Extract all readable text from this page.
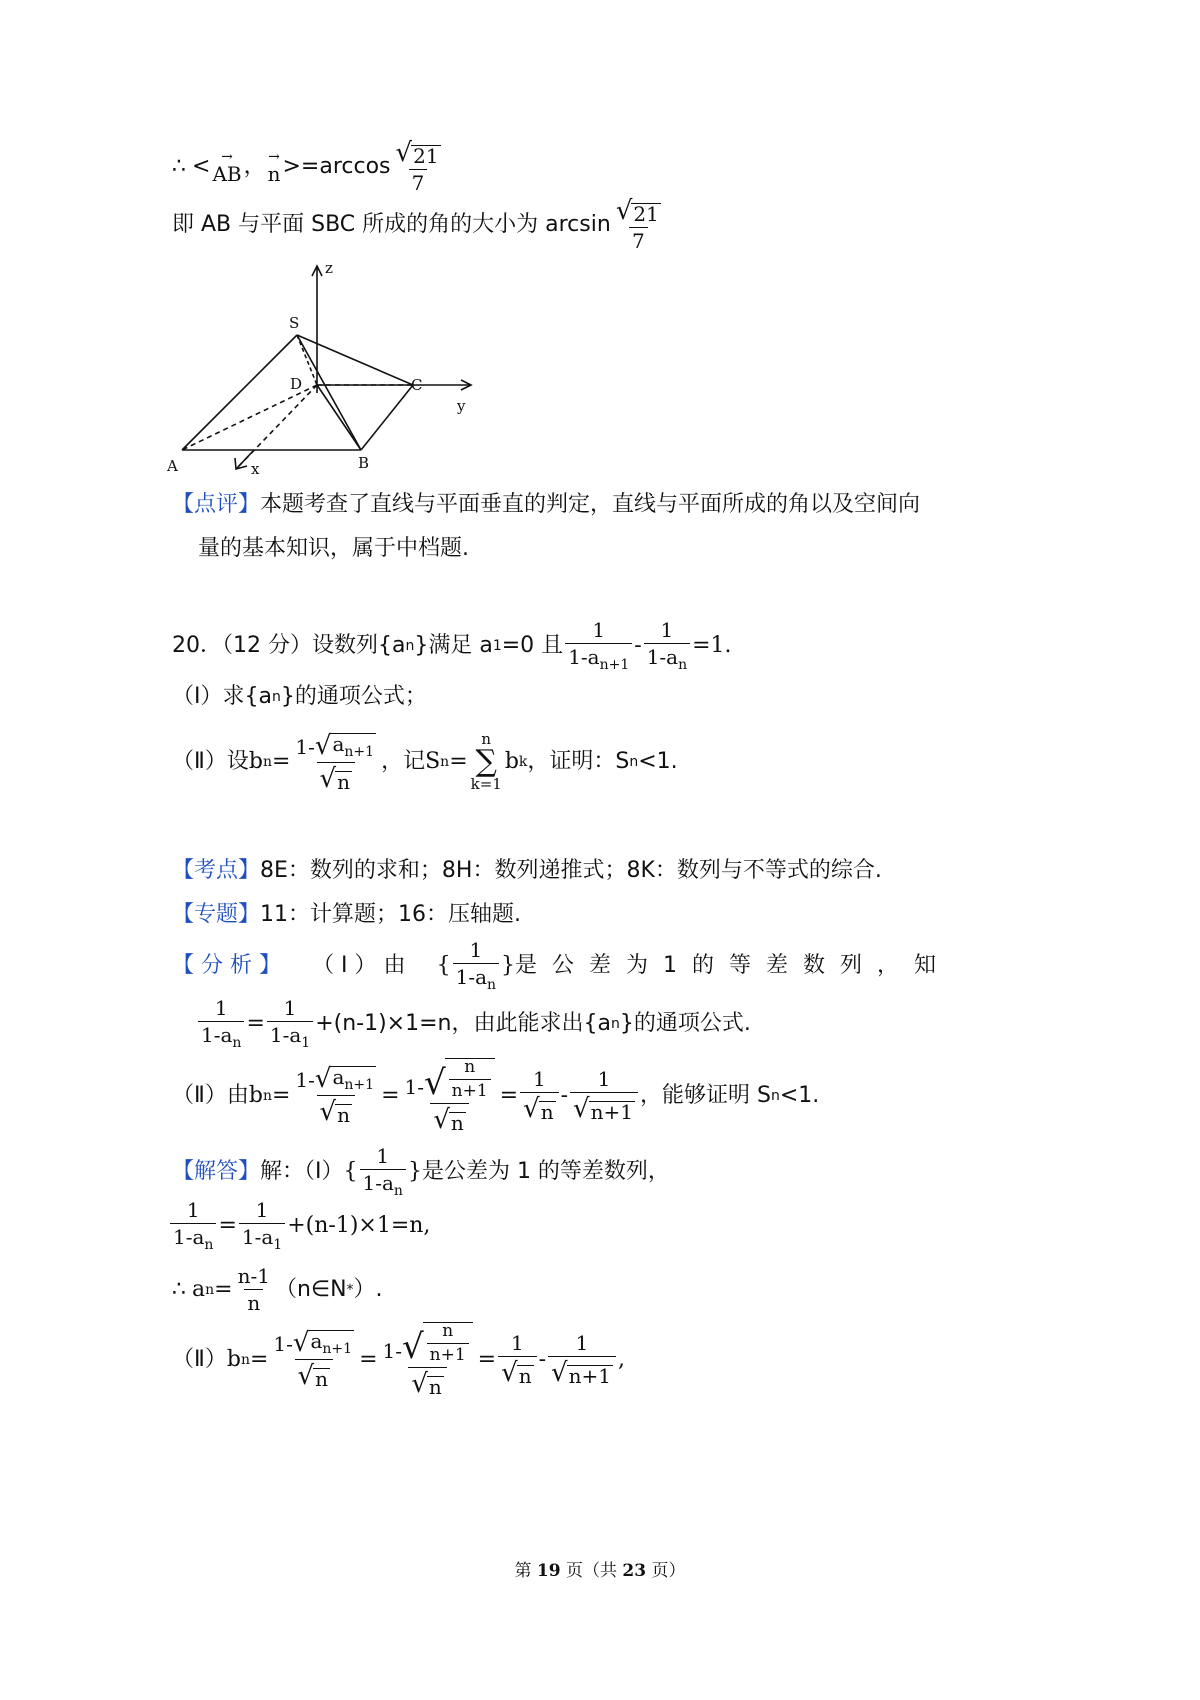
∴ < →
AB ， →
$n >=\arccos \frac{√ 21}{7}$
即 AB 与平面 SBC 所成的角的大小为 $\arcsin \frac{√ 21}{7}$
z
S
D	C
y
A	x	B
【点评】 本题考查了直线与平面垂直的判定，直线与平面所成的角以及空间向
量的基本知识，属于中档题.
20．（12 分）设数列{a n }满足 a 1 =0 且 $\frac{1}{1-a_{n+1}} - \frac{1}{1-a_n} =1$.
（Ⅰ）求{a n }的通项公式；
（Ⅱ）设 b $n = \frac{1- √ a_{n+1}}{√ n}$ ，记 S n =
n
∑
k=1
b k ，证明：S n <1.
【考点】 8E：数列的求和；8H：数列递推式；8K：数列与不等式的综合.
【专题】 11：计算题；16：压轴题.
【 分 析 】 （ Ⅰ ） 由 { $\frac{1}{1-a_n}$ } 是 公 差 为 1 的 等 差 数 列 ， 知
$\frac{1}{1-a_n} = \frac{1}{1-a_1} +(n-1)\times 1=n$，由此能求出{a n }的通项公式.
（Ⅱ）由 b $n = \frac{1- √ a_{n+1}}{√ n} = \frac{1- √ \frac{n}{n+1}}{√ n} = \frac{1}{√ n} - \frac{1}{√ n+1}$ ，能够证明 S n <1.
【解答】 解：（Ⅰ） { $\frac{1}{1-a_n}$ } 是公差为 1 的等差数列，
$\frac{1}{1-a_n} = \frac{1}{1-a_1} +(n-1)\times 1=n$,
∴ a $n = \frac{n-1}{n}$ （n∈N * ）.
（Ⅱ） b $n = \frac{1- √ a_{n+1}}{√ n} = \frac{1- √ \frac{n}{n+1}}{√ n} = \frac{1}{√ n} - \frac{1}{√ n+1}$ ,
第 19 页（共 23 页）
